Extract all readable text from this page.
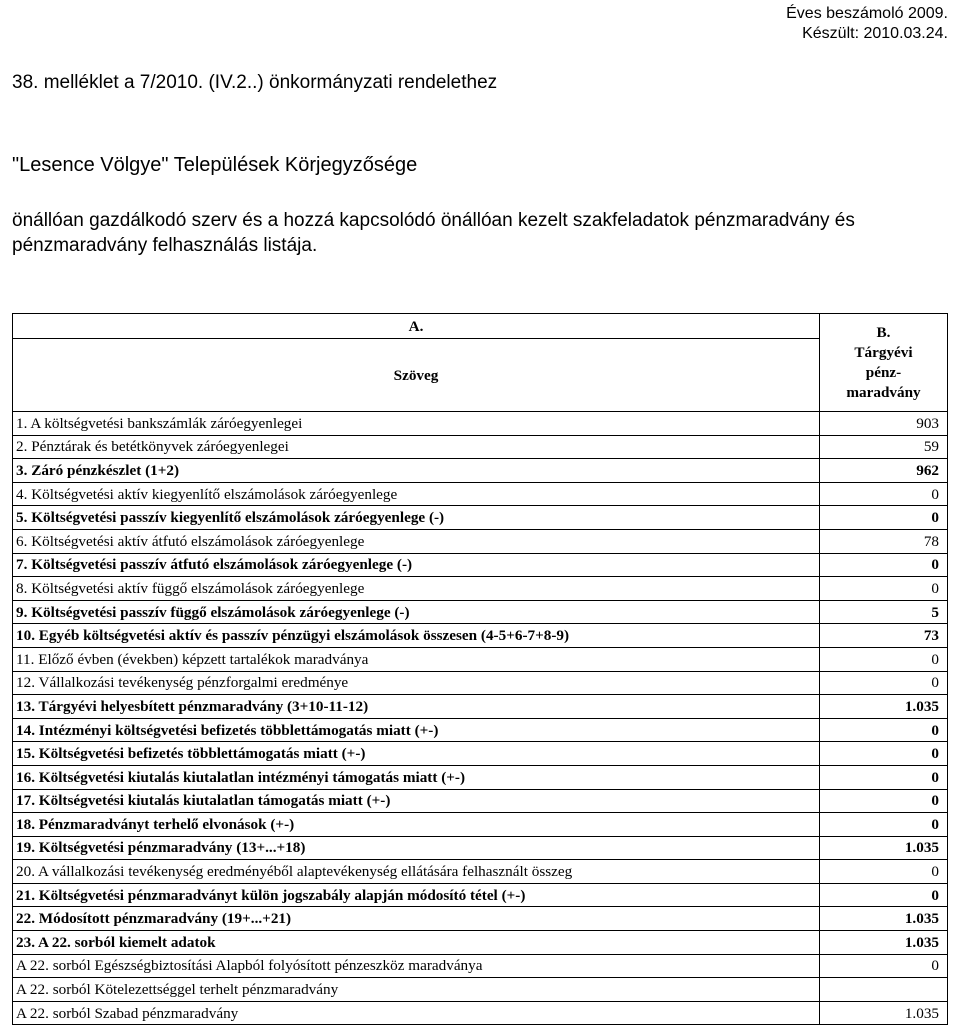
Éves beszámoló 2009.
Készült: 2010.03.24.
38. melléklet a 7/2010. (IV.2..) önkormányzati rendelethez
"Lesence Völgye" Települések Körjegyzősége
önállóan gazdálkodó szerv és a hozzá kapcsolódó önállóan kezelt szakfeladatok pénzmaradvány és pénzmaradvány felhasználás listája.
A.	B.
Tárgyévi
pénz-
maradvány

Szöveg	
1. A költségvetési bankszámlák záróegyenlegei	903
2. Pénztárak és betétkönyvek záróegyenlegei	59
3. Záró pénzkészlet (1+2)	962
4. Költségvetési aktív kiegyenlítő elszámolások záróegyenlege	0
5. Költségvetési passzív kiegyenlítő elszámolások záróegyenlege (-)	0
6. Költségvetési aktív átfutó elszámolások záróegyenlege	78
7. Költségvetési passzív átfutó elszámolások záróegyenlege (-)	0
8. Költségvetési aktív függő elszámolások záróegyenlege	0
9. Költségvetési passzív függő elszámolások záróegyenlege (-)	5
10. Egyéb költségvetési aktív és passzív pénzügyi elszámolások összesen (4-5+6-7+8-9)	73
11. Előző évben (években) képzett tartalékok maradványa	0
12. Vállalkozási tevékenység pénzforgalmi eredménye	0
13. Tárgyévi helyesbített pénzmaradvány (3+10-11-12)	1.035
14. Intézményi költségvetési befizetés többlettámogatás miatt (+-)	0
15. Költségvetési befizetés többlettámogatás miatt (+-)	0
16. Költségvetési kiutalás kiutalatlan intézményi támogatás miatt (+-)	0
17. Költségvetési kiutalás kiutalatlan támogatás miatt (+-)	0
18. Pénzmaradványt terhelő elvonások (+-)	0
19. Költségvetési pénzmaradvány (13+...+18)	1.035
20. A vállalkozási tevékenység eredményéből alaptevékenység ellátására felhasznált összeg	0
21. Költségvetési pénzmaradványt külön jogszabály alapján módosító tétel (+-)	0
22. Módosított pénzmaradvány (19+...+21)	1.035
23. A 22. sorból kiemelt adatok	1.035
A 22. sorból Egészségbiztosítási Alapból folyósított pénzeszköz maradványa	0
A 22. sorból Kötelezettséggel terhelt pénzmaradvány	
A 22. sorból Szabad pénzmaradvány	1.035
